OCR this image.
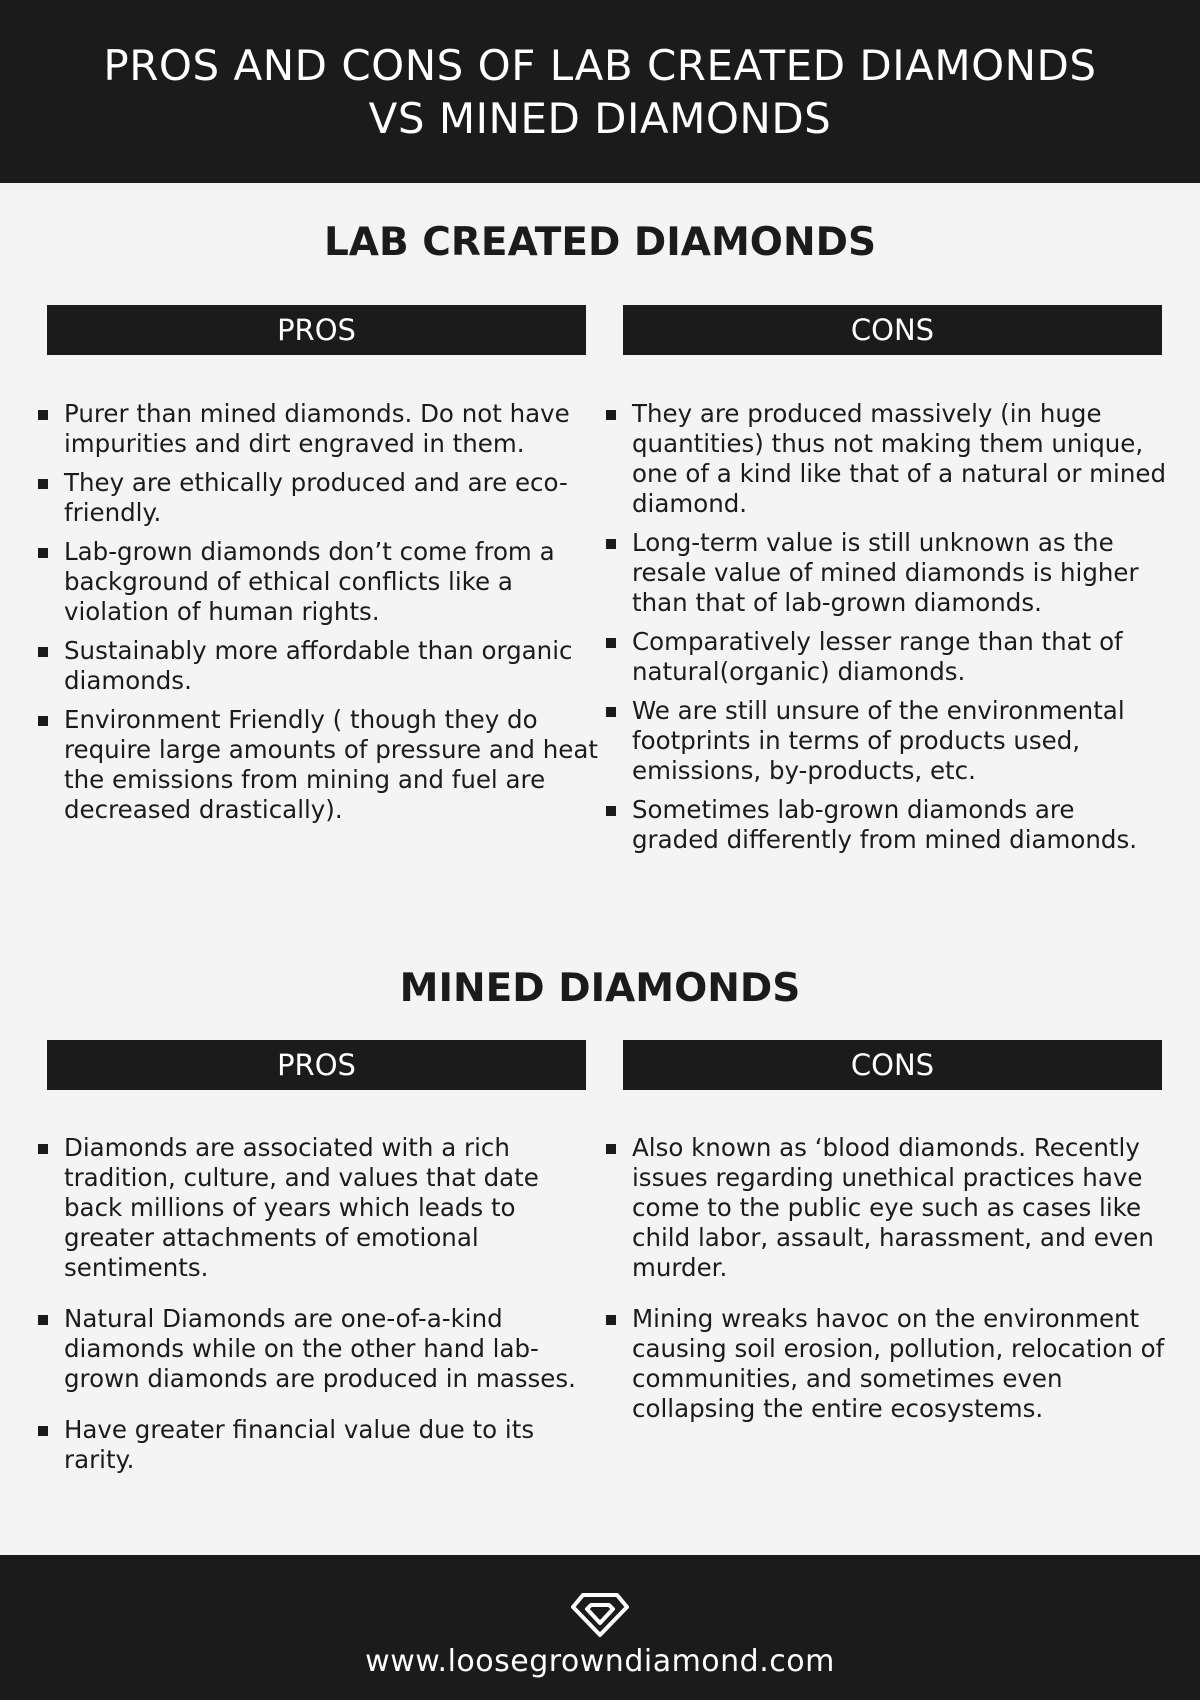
PROS AND CONS OF LAB CREATED DIAMONDS
VS MINED DIAMONDS
LAB CREATED DIAMONDS
PROS	CONS
Purer than mined diamonds. Do not have impurities and dirt engraved in them.
They are ethically produced and are eco-friendly.
Lab-grown diamonds don’t come from a background of ethical conflicts like a violation of human rights.
Sustainably more affordable than organic diamonds.
Environment Friendly ( though they do require large amounts of pressure and heat the emissions from mining and fuel are decreased drastically).
They are produced massively (in huge quantities) thus not making them unique, one of a kind like that of a natural or mined diamond.
Long-term value is still unknown as the resale value of mined diamonds is higher than that of lab-grown diamonds.
Comparatively lesser range than that of natural(organic) diamonds.
We are still unsure of the environmental footprints in terms of products used, emissions, by-products, etc.
Sometimes lab-grown diamonds are graded differently from mined diamonds.
MINED DIAMONDS
PROS	CONS
Diamonds are associated with a rich tradition, culture, and values that date back millions of years which leads to greater attachments of emotional sentiments.
Natural Diamonds are one-of-a-kind diamonds while on the other hand lab-grown diamonds are produced in masses.
Have greater financial value due to its rarity.
Also known as ‘blood diamonds. Recently issues regarding unethical practices have come to the public eye such as cases like child labor, assault, harassment, and even murder.
Mining wreaks havoc on the environment causing soil erosion, pollution, relocation of communities, and sometimes even collapsing the entire ecosystems.
www.loosegrowndiamond.com
